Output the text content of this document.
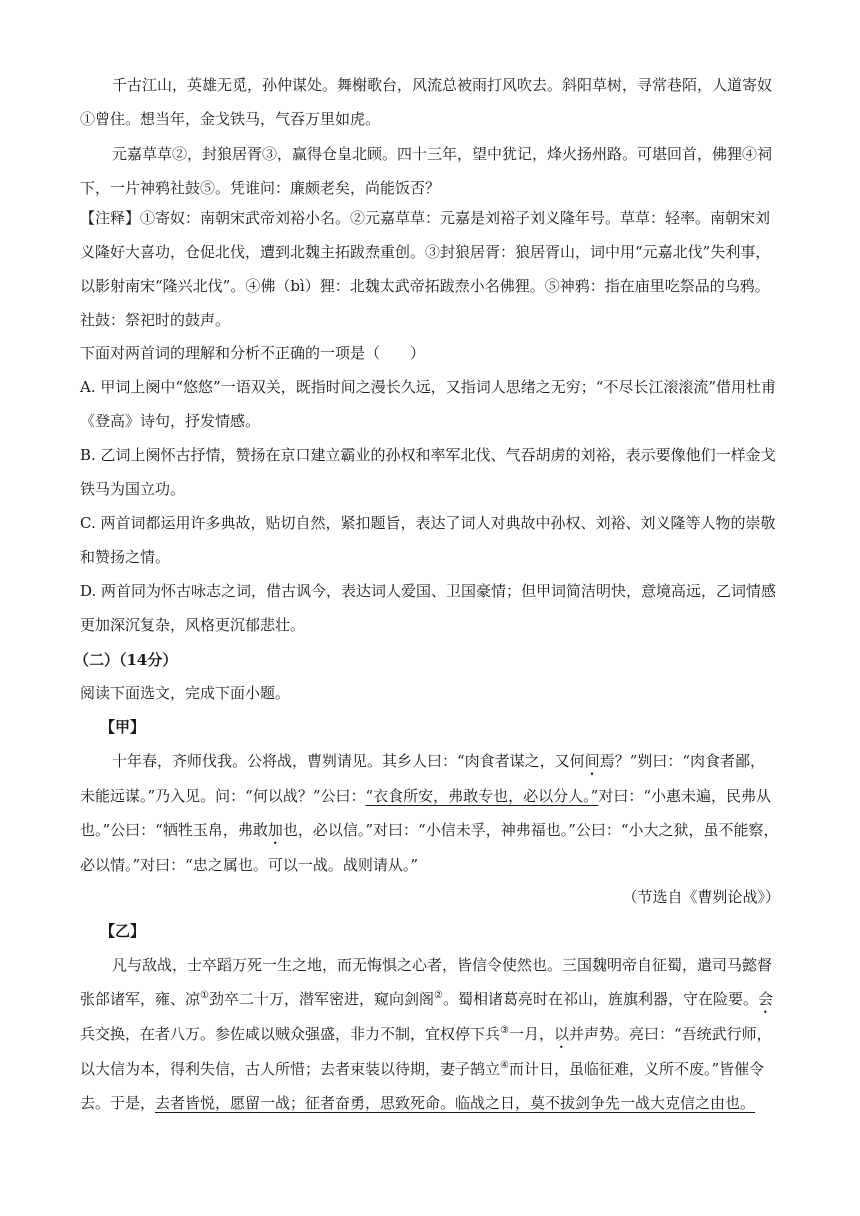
千古江山，英雄无觅，孙仲谋处。舞榭歌台，风流总被雨打风吹去。斜阳草树，寻常巷陌，人道寄奴①曾住。想当年，金戈铁马，气吞万里如虎。

元嘉草草②，封狼居胥③，赢得仓皇北顾。四十三年，望中犹记，烽火扬州路。可堪回首，佛狸④祠下，一片神鸦社鼓⑤。凭谁问：廉颇老矣，尚能饭否？

【注释】①寄奴：南朝宋武帝刘裕小名。②元嘉草草：元嘉是刘裕子刘义隆年号。草草：轻率。南朝宋刘义隆好大喜功，仓促北伐，遭到北魏主拓跋焘重创。③封狼居胥：狼居胥山，词中用“元嘉北伐”失利事，以影射南宋“隆兴北伐”。④佛（bì）狸：北魏太武帝拓跋焘小名佛狸。⑤神鸦：指在庙里吃祭品的乌鸦。社鼓：祭祀时的鼓声。

下面对两首词的理解和分析不正确的一项是（　　）

A. 甲词上阕中“悠悠”一语双关，既指时间之漫长久远，又指词人思绪之无穷；“不尽长江滚滚流”借用杜甫《登高》诗句，抒发情感。

B. 乙词上阕怀古抒情，赞扬在京口建立霸业的孙权和率军北伐、气吞胡虏的刘裕，表示要像他们一样金戈铁马为国立功。

C. 两首词都运用许多典故，贴切自然，紧扣题旨，表达了词人对典故中孙权、刘裕、刘义隆等人物的崇敬和赞扬之情。

D. 两首同为怀古咏志之词，借古讽今，表达词人爱国、卫国豪情；但甲词简洁明快，意境高远，乙词情感更加深沉复杂，风格更沉郁悲壮。

（二）（14分）

阅读下面选文，完成下面小题。

【甲】

十年春，齐师伐我。公将战，曹刿请见。其乡人曰：“肉食者谋之，又何间焉？”刿曰：“肉食者鄙，未能远谋。”乃入见。问：“何以战？”公曰：“衣食所安，弗敢专也，必以分人。”对曰：“小惠未遍，民弗从也。”公曰：“牺牲玉帛，弗敢加也，必以信。”对曰：“小信未孚，神弗福也。”公曰：“小大之狱，虽不能察，必以情。”对曰：“忠之属也。可以一战。战则请从。”

（节选自《曹刿论战》）

【乙】

凡与敌战，士卒蹈万死一生之地，而无悔惧之心者，皆信令使然也。三国魏明帝自征蜀，遣司马懿督张郃诸军，雍、凉①劲卒二十万，潜军密进，窥向剑阁②。蜀相诸葛亮时在祁山，旌旗利器，守在险要。会兵交换，在者八万。参佐咸以贼众强盛，非力不制，宜权停下兵③一月，以并声势。亮曰：“吾统武行师，以大信为本，得利失信，古人所惜；去者束装以待期，妻子鹄立④而计日，虽临征难，义所不废。”皆催令去。于是，去者皆悦，愿留一战；征者奋勇，思致死命。临战之日，莫不拔剑争先一战大克信之由也。
